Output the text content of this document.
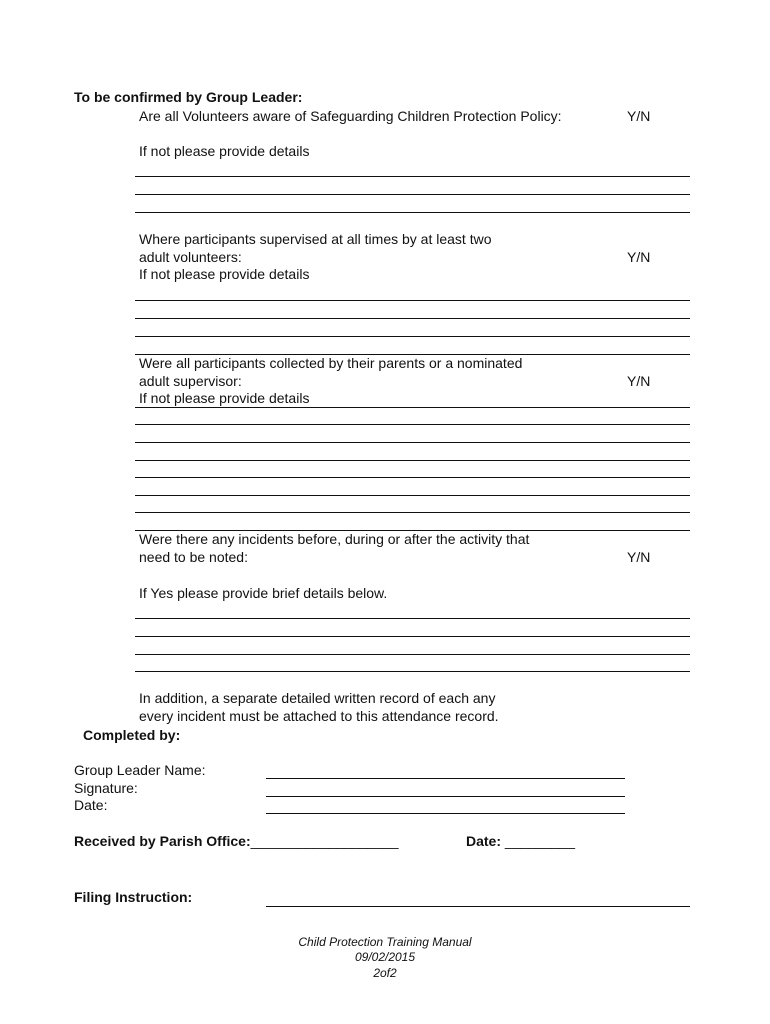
To be confirmed by Group Leader:
Are all Volunteers aware of Safeguarding Children Protection Policy:	Y/N
If not please provide details
Where participants supervised at all times by at least two
adult volunteers:	Y/N
If not please provide details
Were all participants collected by their parents or a nominated
adult supervisor:	Y/N
If not please provide details
Were there any incidents before, during or after the activity that
need to be noted:	Y/N
If Yes please provide brief details below.
In addition, a separate detailed written record of each any
every incident must be attached to this attendance record.
Completed by:
Group Leader Name:
Signature:
Date:
Received by Parish Office:___________________	Date: _________
Filing Instruction:
Child Protection Training Manual
09/02/2015
2of2
